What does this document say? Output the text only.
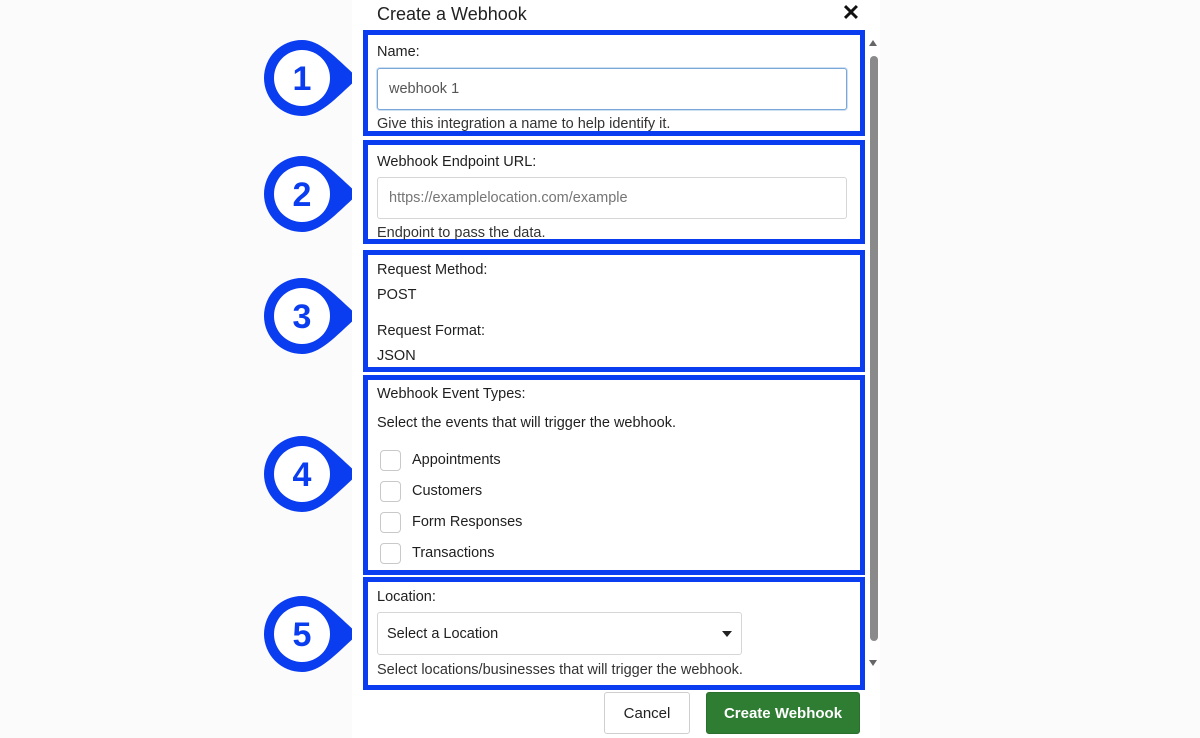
1
2
3
4
5
Create a Webhook	✕
Name:
webhook 1
Give this integration a name to help identify it.
Webhook Endpoint URL:
https://examplelocation.com/example
Endpoint to pass the data.
Request Method:
POST
Request Format:
JSON
Webhook Event Types:
Select the events that will trigger the webhook.
Appointments
Customers
Form Responses
Transactions
Location:
Select a Location
Select locations/businesses that will trigger the webhook.
Cancel	Create Webhook
